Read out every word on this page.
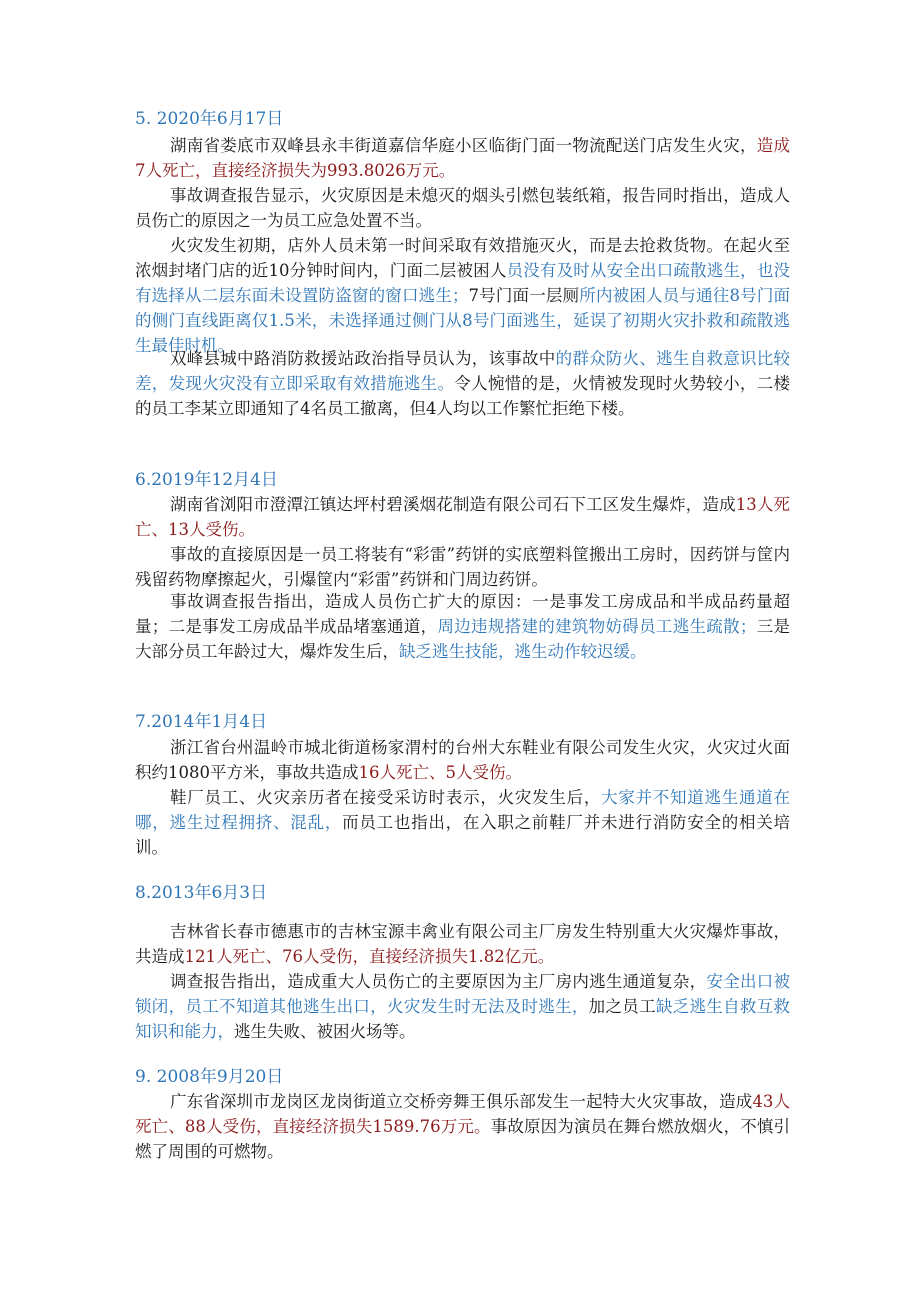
5. 2020年6月17日

湖南省娄底市双峰县永丰街道嘉信华庭小区临街门面一物流配送门店发生火灾，造成7人死亡，直接经济损失为993.8026万元。

事故调查报告显示，火灾原因是未熄灭的烟头引燃包装纸箱，报告同时指出，造成人员伤亡的原因之一为员工应急处置不当。

火灾发生初期，店外人员未第一时间采取有效措施灭火，而是去抢救货物。在起火至浓烟封堵门店的近10分钟时间内，门面二层被困人员没有及时从安全出口疏散逃生，也没有选择从二层东面未设置防盗窗的窗口逃生；7号门面一层厕所内被困人员与通往8号门面的侧门直线距离仅1.5米，未选择通过侧门从8号门面逃生，延误了初期火灾扑救和疏散逃生最佳时机。

双峰县城中路消防救援站政治指导员认为，该事故中的群众防火、逃生自救意识比较差，发现火灾没有立即采取有效措施逃生。令人惋惜的是，火情被发现时火势较小，二楼的员工李某立即通知了4名员工撤离，但4人均以工作繁忙拒绝下楼。

6.2019年12月4日

湖南省浏阳市澄潭江镇达坪村碧溪烟花制造有限公司石下工区发生爆炸，造成13人死亡、13人受伤。

事故的直接原因是一员工将装有“彩雷”药饼的实底塑料筐搬出工房时，因药饼与筐内残留药物摩擦起火，引爆筐内“彩雷”药饼和门周边药饼。

事故调查报告指出，造成人员伤亡扩大的原因：一是事发工房成品和半成品药量超量；二是事发工房成品半成品堵塞通道，周边违规搭建的建筑物妨碍员工逃生疏散；三是大部分员工年龄过大，爆炸发生后，缺乏逃生技能，逃生动作较迟缓。

7.2014年1月4日

浙江省台州温岭市城北街道杨家渭村的台州大东鞋业有限公司发生火灾，火灾过火面积约1080平方米，事故共造成16人死亡、5人受伤。

鞋厂员工、火灾亲历者在接受采访时表示，火灾发生后，大家并不知道逃生通道在哪，逃生过程拥挤、混乱，而员工也指出，在入职之前鞋厂并未进行消防安全的相关培训。

8.2013年6月3日

吉林省长春市德惠市的吉林宝源丰禽业有限公司主厂房发生特别重大火灾爆炸事故，共造成121人死亡、76人受伤，直接经济损失1.82亿元。

调查报告指出，造成重大人员伤亡的主要原因为主厂房内逃生通道复杂，安全出口被锁闭，员工不知道其他逃生出口，火灾发生时无法及时逃生，加之员工缺乏逃生自救互救知识和能力，逃生失败、被困火场等。

9. 2008年9月20日

广东省深圳市龙岗区龙岗街道立交桥旁舞王俱乐部发生一起特大火灾事故，造成43人死亡、88人受伤，直接经济损失1589.76万元。事故原因为演员在舞台燃放烟火，不慎引燃了周围的可燃物。
